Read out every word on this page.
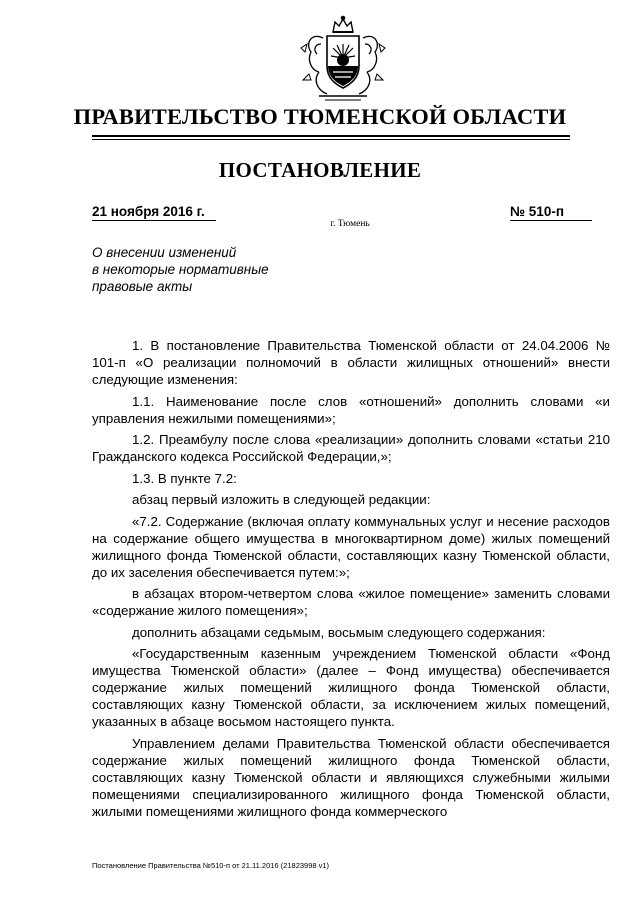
ПРАВИТЕЛЬСТВО ТЮМЕНСКОЙ ОБЛАСТИ
ПОСТАНОВЛЕНИЕ
21 ноября 2016 г.	№ 510-п
г. Тюмень
О внесении изменений
в некоторые нормативные
правовые акты

1. В постановление Правительства Тюменской области от 24.04.2006 № 101-п «О реализации полномочий в области жилищных отношений» внести следующие изменения:

1.1. Наименование после слов «отношений» дополнить словами «и управления нежилыми помещениями»;

1.2. Преамбулу после слова «реализации» дополнить словами «статьи 210 Гражданского кодекса Российской Федерации,»;

1.3. В пункте 7.2:

абзац первый изложить в следующей редакции:

«7.2. Содержание (включая оплату коммунальных услуг и несение расходов на содержание общего имущества в многоквартирном доме) жилых помещений жилищного фонда Тюменской области, составляющих казну Тюменской области, до их заселения обеспечивается путем:»;

в абзацах втором-четвертом слова «жилое помещение» заменить словами «содержание жилого помещения»;

дополнить абзацами седьмым, восьмым следующего содержания:

«Государственным казенным учреждением Тюменской области «Фонд имущества Тюменской области» (далее – Фонд имущества) обеспечивается содержание жилых помещений жилищного фонда Тюменской области, составляющих казну Тюменской области, за исключением жилых помещений, указанных в абзаце восьмом настоящего пункта.

Управлением делами Правительства Тюменской области обеспечивается содержание жилых помещений жилищного фонда Тюменской области, составляющих казну Тюменской области и являющихся служебными жилыми помещениями специализированного жилищного фонда Тюменской области, жилыми помещениями жилищного фонда коммерческого

Постановление Правительства №510-п от 21.11.2016 (21823998 v1)
